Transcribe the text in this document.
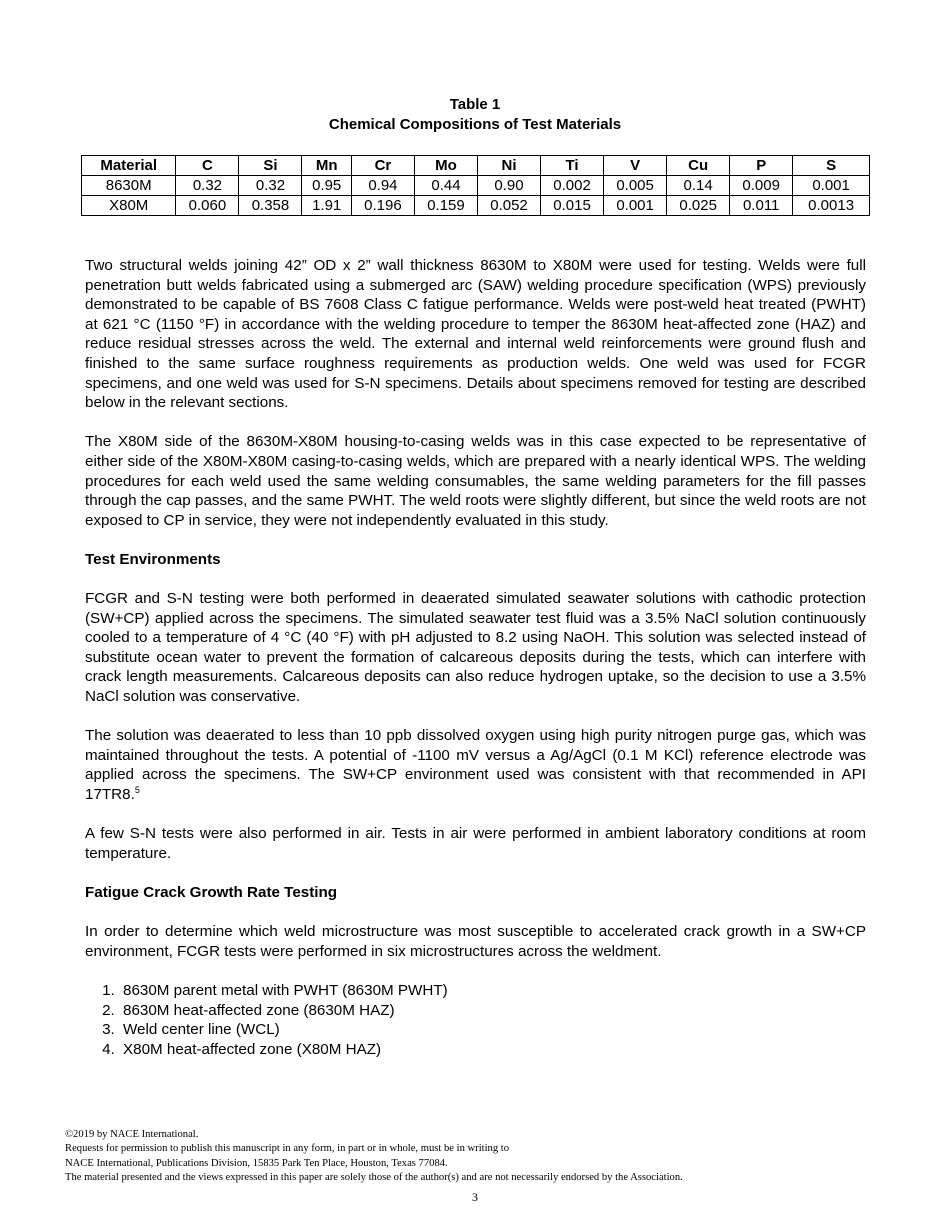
Table 1
Chemical Compositions of Test Materials
Material	C	Si	Mn	Cr	Mo	Ni	Ti	V	Cu	P	S
8630M	0.32	0.32	0.95	0.94	0.44	0.90	0.002	0.005	0.14	0.009	0.001
X80M	0.060	0.358	1.91	0.196	0.159	0.052	0.015	0.001	0.025	0.011	0.0013

Two structural welds joining 42” OD x 2” wall thickness 8630M to X80M were used for testing. Welds were full penetration butt welds fabricated using a submerged arc (SAW) welding procedure specification (WPS) previously demonstrated to be capable of BS 7608 Class C fatigue performance. Welds were post-weld heat treated (PWHT) at 621 °C (1150 °F) in accordance with the welding procedure to temper the 8630M heat-affected zone (HAZ) and reduce residual stresses across the weld. The external and internal weld reinforcements were ground flush and finished to the same surface roughness requirements as production welds. One weld was used for FCGR specimens, and one weld was used for S-N specimens. Details about specimens removed for testing are described below in the relevant sections.

The X80M side of the 8630M-X80M housing-to-casing welds was in this case expected to be representative of either side of the X80M-X80M casing-to-casing welds, which are prepared with a nearly identical WPS. The welding procedures for each weld used the same welding consumables, the same welding parameters for the fill passes through the cap passes, and the same PWHT. The weld roots were slightly different, but since the weld roots are not exposed to CP in service, they were not independently evaluated in this study.

Test Environments

FCGR and S-N testing were both performed in deaerated simulated seawater solutions with cathodic protection (SW+CP) applied across the specimens. The simulated seawater test fluid was a 3.5% NaCl solution continuously cooled to a temperature of 4 °C (40 °F) with pH adjusted to 8.2 using NaOH. This solution was selected instead of substitute ocean water to prevent the formation of calcareous deposits during the tests, which can interfere with crack length measurements. Calcareous deposits can also reduce hydrogen uptake, so the decision to use a 3.5% NaCl solution was conservative.

The solution was deaerated to less than 10 ppb dissolved oxygen using high purity nitrogen purge gas, which was maintained throughout the tests. A potential of -1100 mV versus a Ag/AgCl (0.1 M KCl) reference electrode was applied across the specimens. The SW+CP environment used was consistent with that recommended in API 17TR8.$^5$

A few S-N tests were also performed in air. Tests in air were performed in ambient laboratory conditions at room temperature.

Fatigue Crack Growth Rate Testing

In order to determine which weld microstructure was most susceptible to accelerated crack growth in a SW+CP environment, FCGR tests were performed in six microstructures across the weldment.

1. 8630M parent metal with PWHT (8630M PWHT)
2. 8630M heat-affected zone (8630M HAZ)
3. Weld center line (WCL)
4. X80M heat-affected zone (X80M HAZ)
©2019 by NACE International.
Requests for permission to publish this manuscript in any form, in part or in whole, must be in writing to
NACE International, Publications Division, 15835 Park Ten Place, Houston, Texas 77084.
The material presented and the views expressed in this paper are solely those of the author(s) and are not necessarily endorsed by the Association.
3
